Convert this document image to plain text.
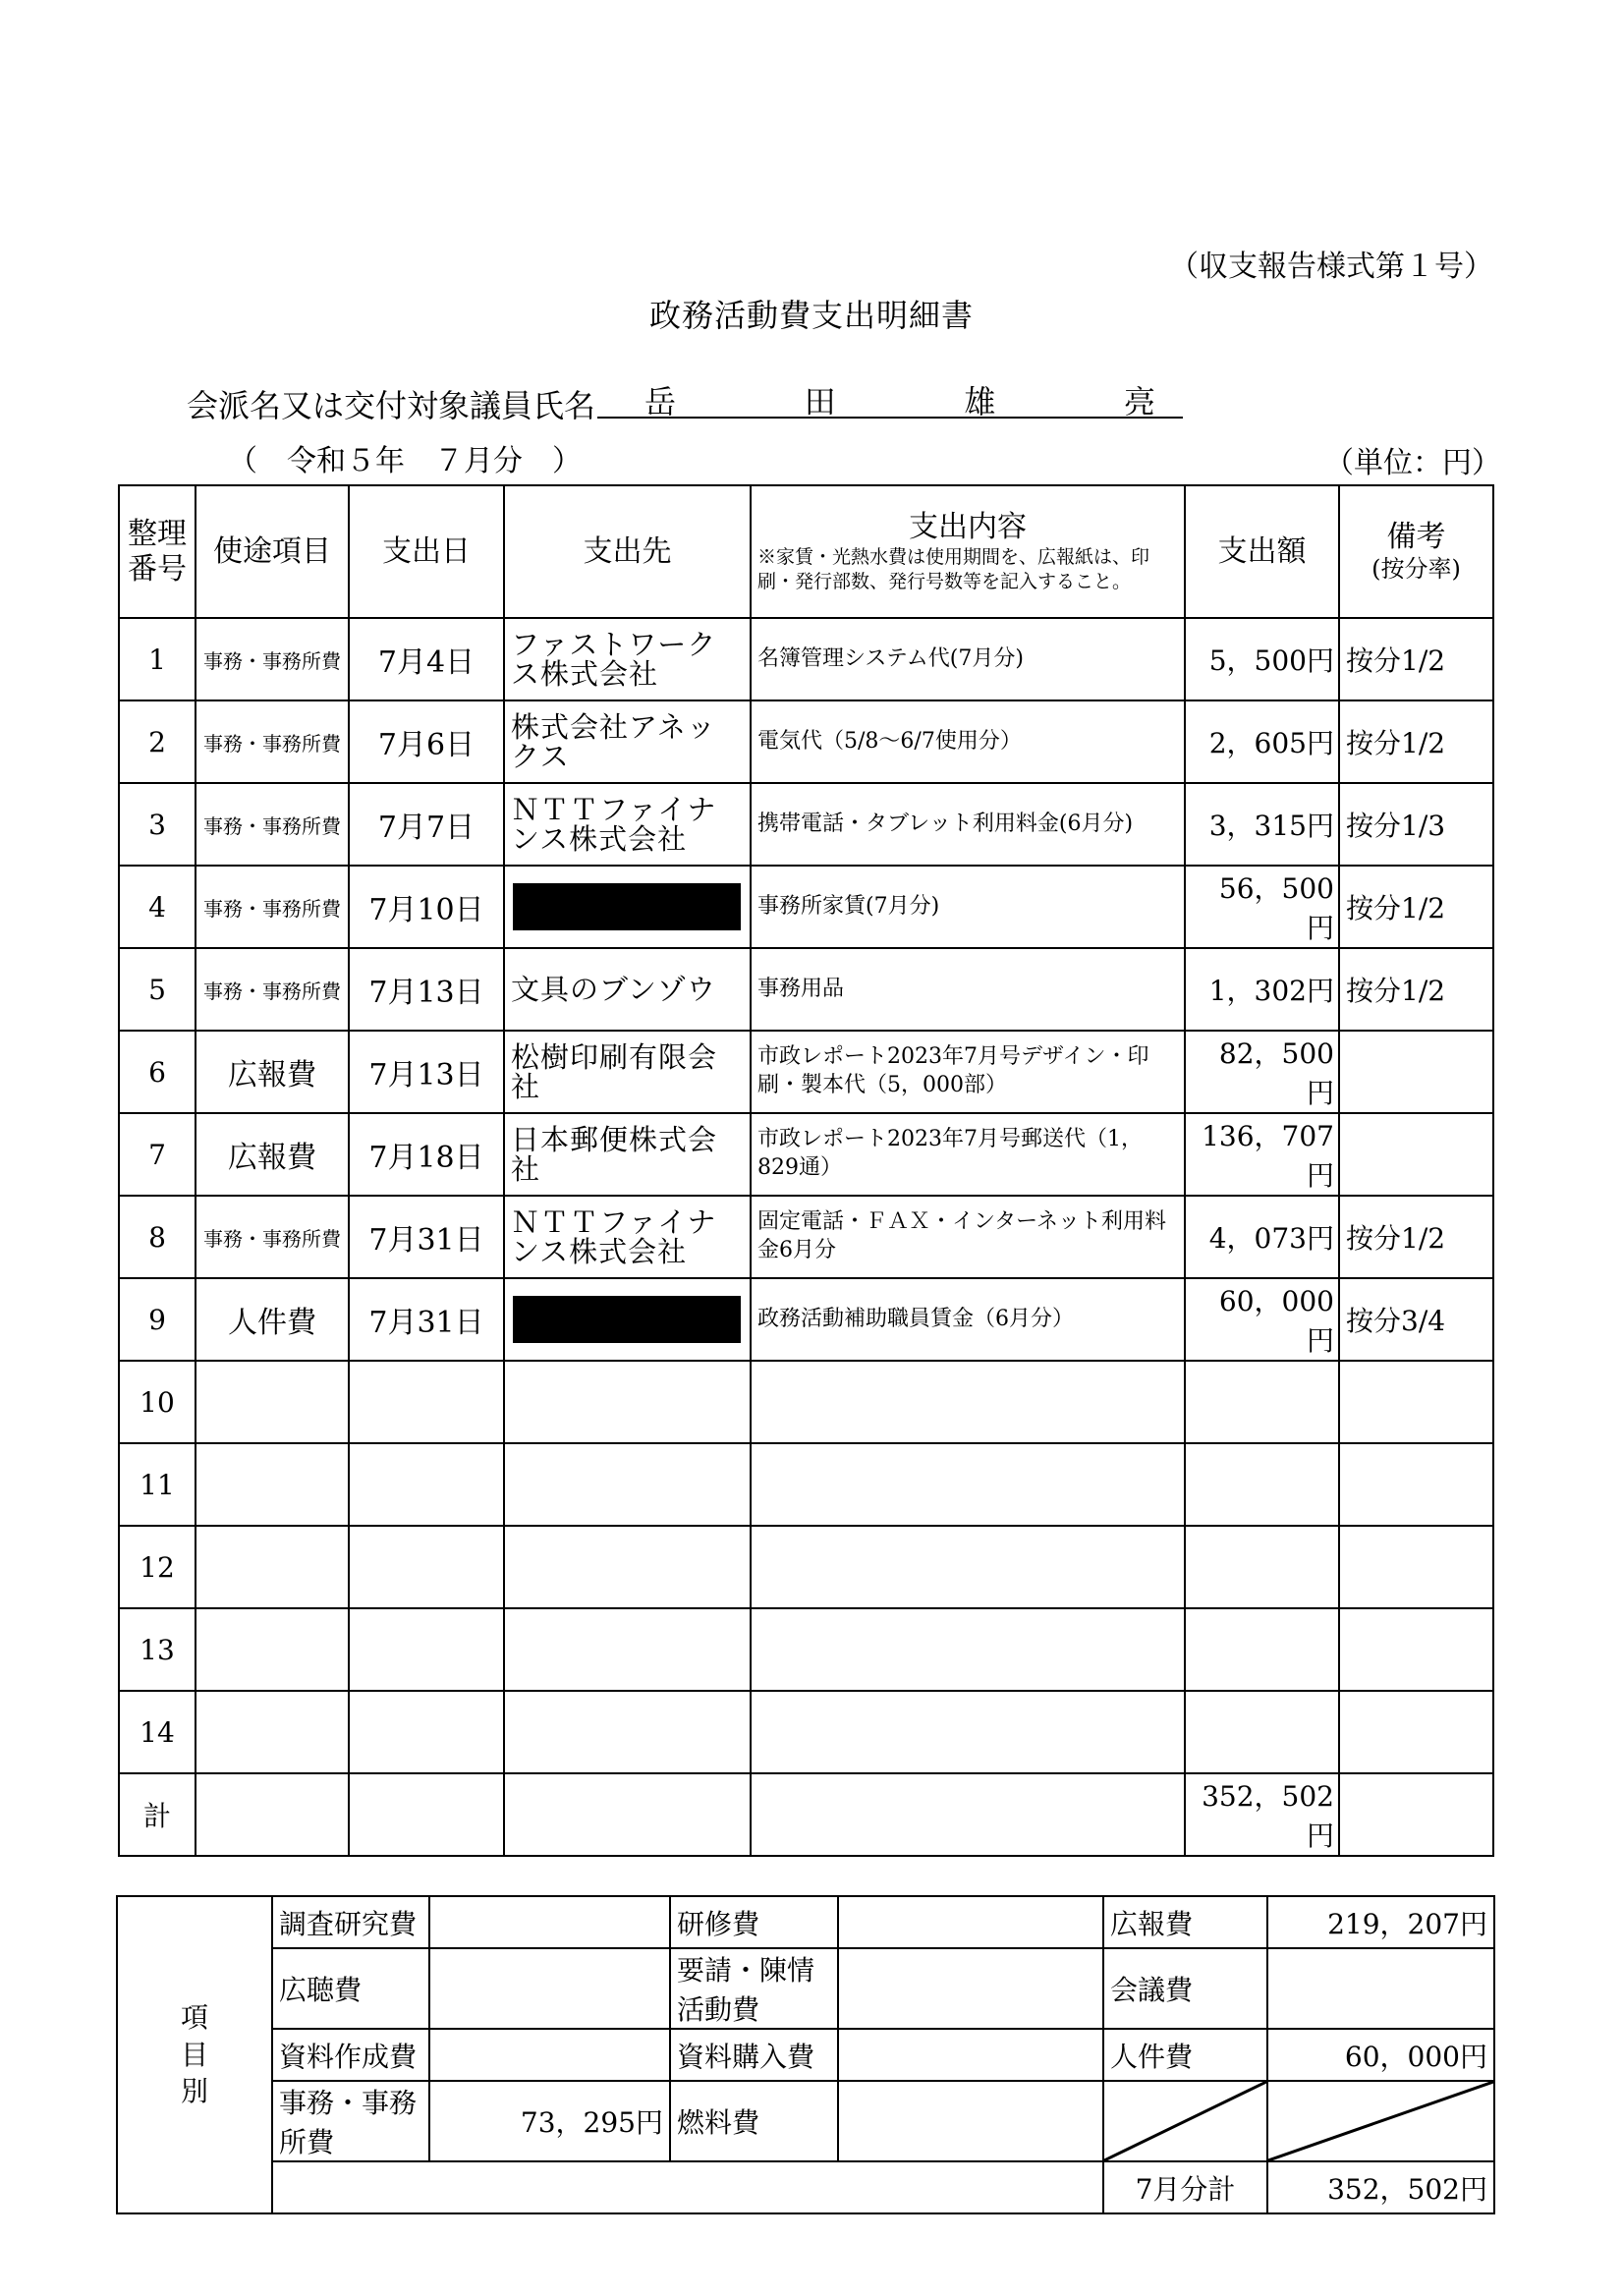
（収支報告様式第１号）
政務活動費支出明細書
会派名又は交付対象議員氏名 岳	田	雄	亮
（　令和５年　７月分　）	（単位：円）
整理番号	使途項目	支出日	支出先	支出内容
※家賃・光熱水費は使用期間を、広報紙は、印刷・発行部数、発行号数等を記入すること。	支出額	備考
(按分率)

1	事務・事務所費	7月4日	ファストワークス株式会社	名簿管理システム代(7月分)	5，500円	按分1/2
2	事務・事務所費	7月6日	株式会社アネックス	電気代（5/8～6/7使用分）	2，605円	按分1/2
3	事務・事務所費	7月7日	ＮＴＴファイナンス株式会社	携帯電話・タブレット利用料金(6月分)	3，315円	按分1/3
4	事務・事務所費	7月10日		事務所家賃(7月分)	56，500円	按分1/2
5	事務・事務所費	7月13日	文具のブンゾウ	事務用品	1，302円	按分1/2
6	広報費	7月13日	松樹印刷有限会社	市政レポート2023年7月号デザイン・印刷・製本代（5，000部）	82，500円	
7	広報費	7月18日	日本郵便株式会社	市政レポート2023年7月号郵送代（1，829通）	136，707円	
8	事務・事務所費	7月31日	ＮＴＴファイナンス株式会社	固定電話・ＦＡＸ・インターネット利用料金6月分	4，073円	按分1/2
9	人件費	7月31日		政務活動補助職員賃金（6月分）	60，000円	按分3/4
10						
11						
12						
13						
14						
計					352，502円	
項目別	調査研究費		研修費		広報費	219，207円
	広聴費		要請・陳情活動費		会議費	
	資料作成費		資料購入費		人件費	60，000円
	事務・事務所費	73，295円	燃料費		

					7月分計	352，502円
